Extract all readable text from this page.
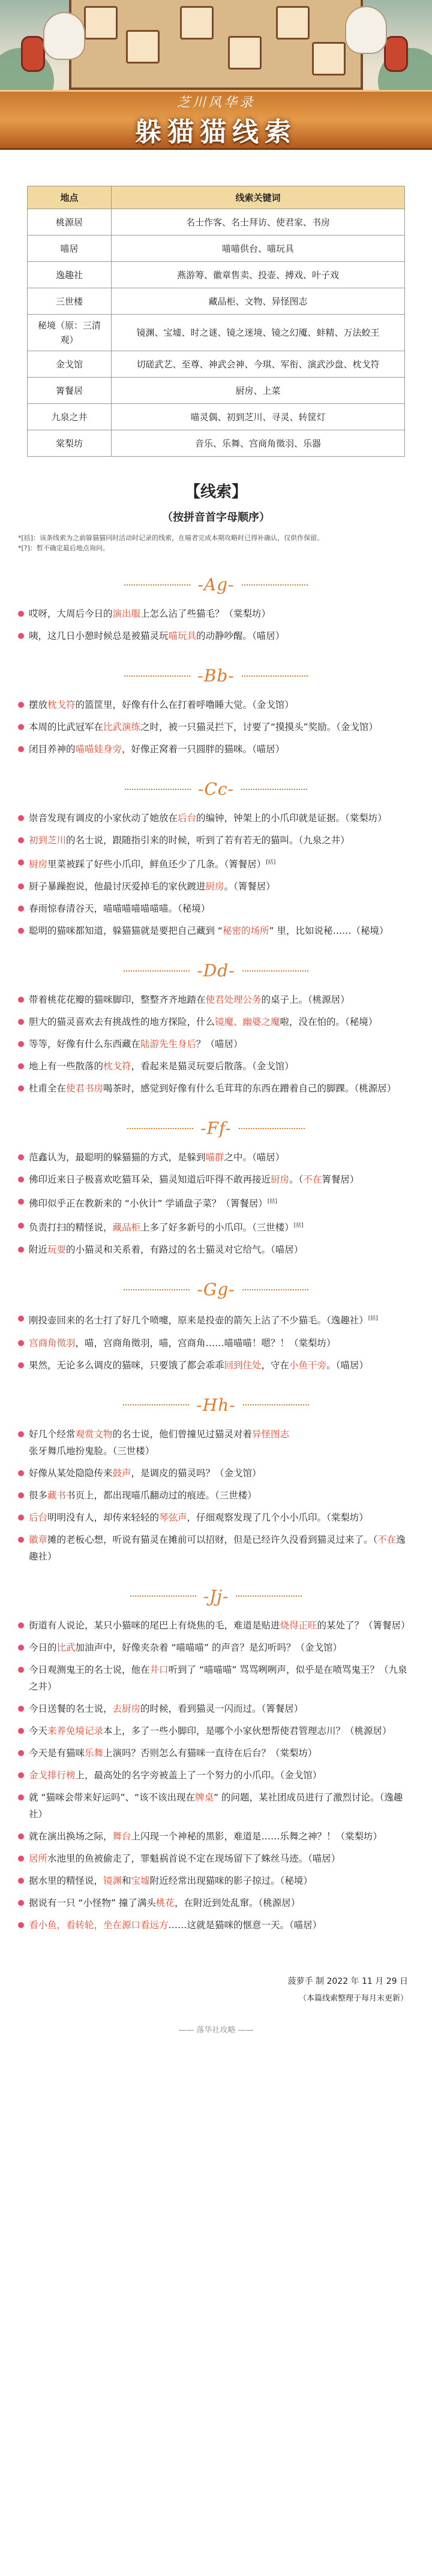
芝川风华录
躲猫猫线索
地点	线索关键词
桃源居	名士作客、名士拜访、使君家、书房
喵居	喵喵供台、喵玩具
逸趣社	燕游筹、徽章售卖、投壶、搏戏、叶子戏
三世楼	藏品柜、文物、异怪图志
秘境（原：三清观）	镜渊、宝墟、时之谜、镜之迷境、镜之幻魇、蚌精、万法蛟王
金戈馆	切磋武艺、至尊、神武会神、今琪、军衔、演武沙盘、枕戈符
箐餐居	厨房、上菜
九泉之井	喵灵偶、初到芝川、寻灵、转筐灯
棠梨坊	音乐、乐舞、宫商角徵羽、乐器
【线索】
（按拼音首字母顺序）
*[括]：该条线索为之前躲猫猫同时活动时记录的线索，在喵者完成本期攻略时已得补确认，仅供作保留。
*[?]：暂不确定最后地点询问。
-Ag-
哎呀，大周后今日的演出服上怎么沾了些猫毛？（棠梨坊）
咦，这几日小憩时候总是被猫灵玩喵玩具的动静吵醒。（喵居）
-Bb-
摆放枕戈符的篮筐里，好像有什么在打着呼噜睡大觉。（金戈馆）
本周的比武冠军在比武演练之时，被一只猫灵拦下，讨要了“摸摸头”奖励。（金戈馆）
闭目养神的喵喵娃身旁，好像正窝着一只圆胖的猫咪。（喵居）
-Cc-
崇音发现有调皮的小家伙动了她放在后台的编钟，钟架上的小爪印就是证据。（棠梨坊）
初到芝川的名士说，跟随指引来的时候，听到了若有若无的猫叫。（九泉之井）
厨房里菜被踩了好些小爪印，鲜鱼还少了几条。（箐餐居）[括]
厨子暴躁抱说，他最讨厌爱掉毛的家伙踱进厨房。（箐餐居）
春雨惊春清谷天，喵喵喵喵喵喵喵。（秘境）
聪明的猫咪都知道，躲猫猫就是要把自己藏到 “秘密的场所” 里，比如说秘……（秘境）
-Dd-
带着桃花花瓣的猫咪脚印，整整齐齐地踏在使君处理公务的桌子上。（桃源居）
胆大的猫灵喜欢去有挑战性的地方探险，什么镜魔、幽婆之魔啦，没在怕的。（秘境）
等等，好像有什么东西藏在陆游先生身后？（喵居）
地上有一些散落的枕戈符，看起来是猫灵玩耍后散落。（金戈馆）
杜甫全在使君书房喝茶时，感觉到好像有什么毛茸茸的东西在蹭着自己的脚踝。（桃源居）
-Ff-
范鑫认为，最聪明的躲猫猫的方式，是躲到喵群之中。（喵居）
佛印近来日子极喜欢吃猫耳朵，猫灵知道后吓得不敢再接近厨房。（不在箐餐居）
佛印似乎正在教新来的 “小伙计” 学诵盘子菜？（箐餐居）[括]
负责打扫的精怪说，藏品柜上多了好多新号的小爪印。（三世楼）[括]
附近玩耍的小猫灵和关系着，有路过的名士猫灵对它给气。（喵居）
-Gg-
刚投壶回来的名士打了好几个喷嚏，原来是投壶的箭矢上沾了不少猫毛。（逸趣社）[括]
宫商角徵羽，喵，宫商角徵羽，喵，宫商角……喵喵喵！嗯？！（棠梨坊）
果然，无论多么调皮的猫咪，只要饿了都会乖乖回到住处，守在小鱼干旁。（喵居）
-Hh-
好几个经常观赏文物的名士说，他们曾撞见过猫灵对着异怪图志张牙舞爪地扮鬼脸。（三世楼）
好像从某处隐隐传来鼓声，是调皮的猫灵吗？（金戈馆）
很多藏书书页上，都出现喵爪翻动过的痕迹。（三世楼）
后台明明没有人，却传来轻轻的琴弦声，仔细观察发现了几个小小爪印。（棠梨坊）
徽章摊的老板心想，听说有猫灵在摊前可以招财，但是已经许久没看到猫灵过来了。（不在逸趣社）
-Jj-
街道有人说论，某只小猫咪的尾巴上有烧焦的毛，难道是贴进烧得正旺的某处了？（箐餐居）
今日的比武加油声中，好像夹杂着 “喵喵喵” 的声音？是幻听吗？（金戈馆）
今日观测鬼王的名士说，他在井口听到了 “喵喵喵” 骂骂咧咧声，似乎是在喷骂鬼王？（九泉之井）
今日送餐的名士说，去厨房的时候，看到猫灵一闪而过。（箐餐居）
今天来养免境记录本上，多了一些小脚印，是哪个小家伙想帮使君管理志川？（桃源居）
今天是有猫咪乐舞上演吗？否则怎么有猫咪一直待在后台？（棠梨坊）
金戈排行榜上，最高处的名字旁被盖上了一个努力的小爪印。（金戈馆）
就 “猫咪会带来好运吗”、“该不该出现在牌桌” 的问题，某社团成员进行了激烈讨论。（逸趣社）
就在演出换场之际，舞台上闪现一个神秘的黑影，难道是……乐舞之神？！（棠梨坊）
居所水池里的鱼被偷走了，罪魁祸首说不定在现场留下了蛛丝马迹。（喵居）
据水里的精怪说，镜渊和宝墟附近经常出现猫咪的影子掠过。（秘境）
据说有一只 “小怪物” 撞了满头桃花，在附近到处乱窜。（桃源居）
看小鱼，看转轮，坐在源口看远方……这就是猫咪的惬意一天。（喵居）
菠萝手 制 2022 年 11 月 29 日
（本篇线索整理于每月末更新）
—— 落华社攻略 ——
